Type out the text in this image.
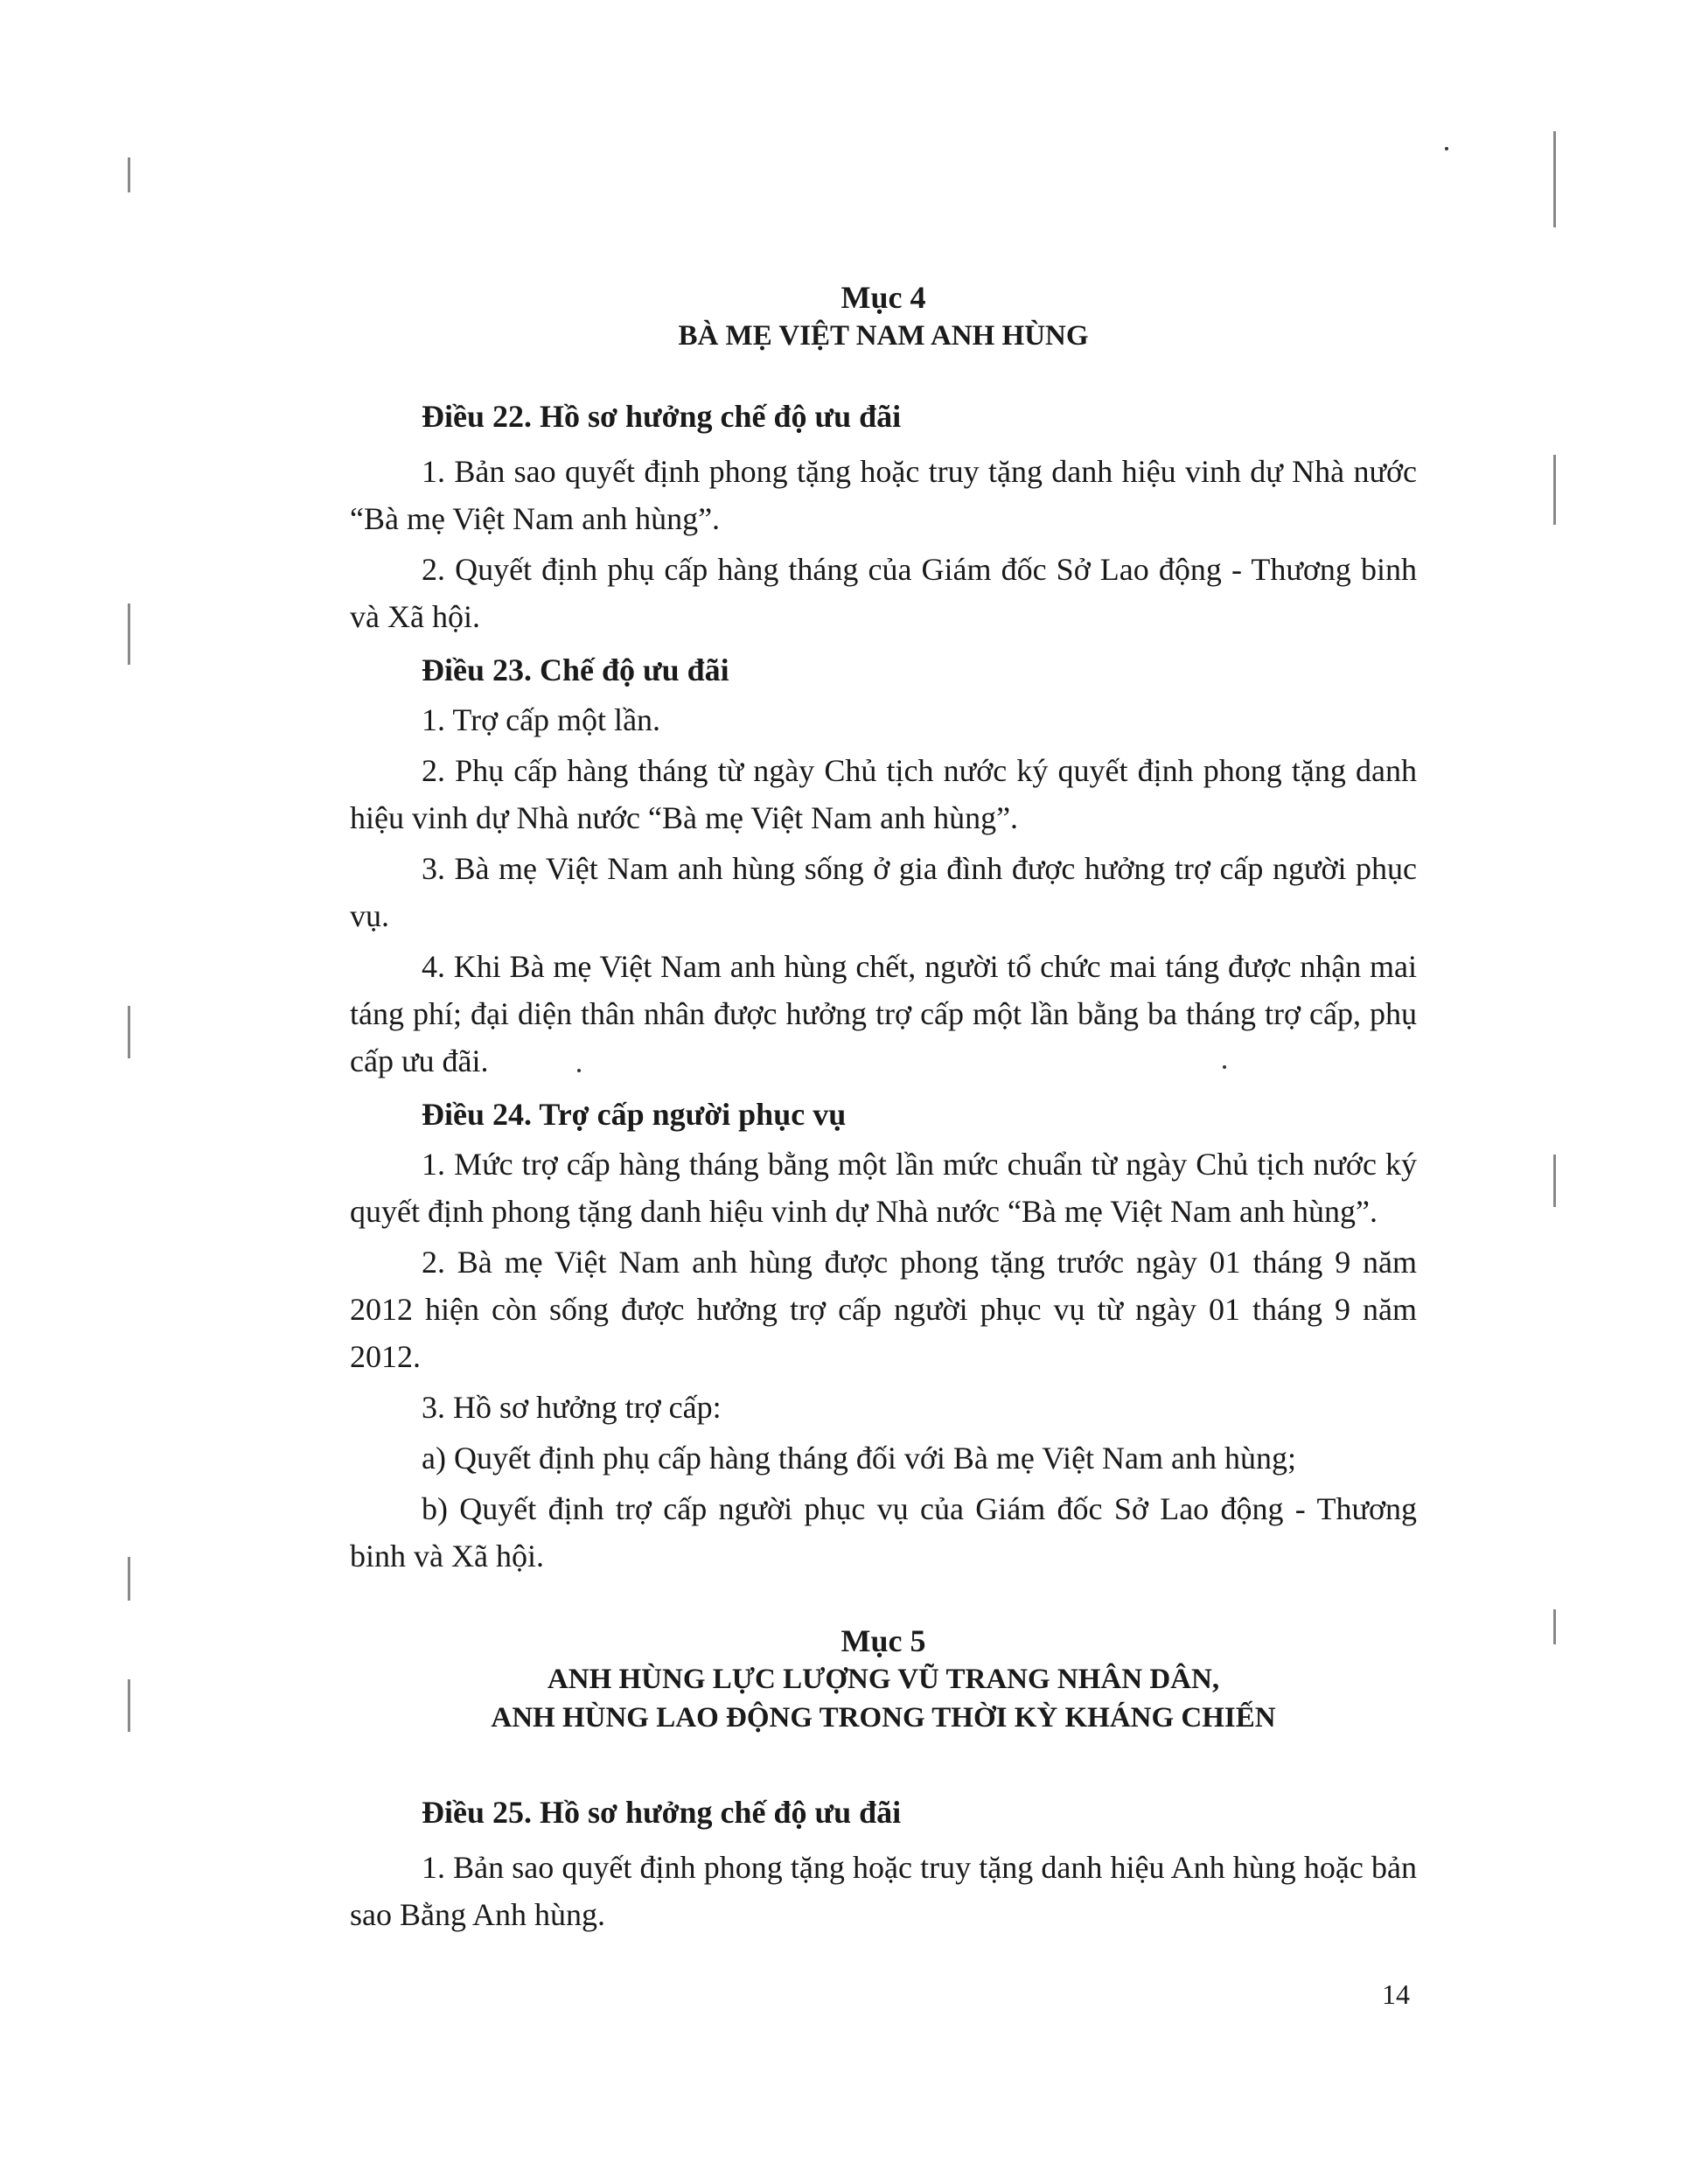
Mục 4

BÀ MẸ VIỆT NAM ANH HÙNG

Điều 22. Hồ sơ hưởng chế độ ưu đãi

1. Bản sao quyết định phong tặng hoặc truy tặng danh hiệu vinh dự Nhà nước “Bà mẹ Việt Nam anh hùng”.

2. Quyết định phụ cấp hàng tháng của Giám đốc Sở Lao động - Thương binh và Xã hội.

Điều 23. Chế độ ưu đãi

1. Trợ cấp một lần.

2. Phụ cấp hàng tháng từ ngày Chủ tịch nước ký quyết định phong tặng danh hiệu vinh dự Nhà nước “Bà mẹ Việt Nam anh hùng”.

3. Bà mẹ Việt Nam anh hùng sống ở gia đình được hưởng trợ cấp người phục vụ.

4. Khi Bà mẹ Việt Nam anh hùng chết, người tổ chức mai táng được nhận mai táng phí; đại diện thân nhân được hưởng trợ cấp một lần bằng ba tháng trợ cấp, phụ cấp ưu đãi.

Điều 24. Trợ cấp người phục vụ

1. Mức trợ cấp hàng tháng bằng một lần mức chuẩn từ ngày Chủ tịch nước ký quyết định phong tặng danh hiệu vinh dự Nhà nước “Bà mẹ Việt Nam anh hùng”.

2. Bà mẹ Việt Nam anh hùng được phong tặng trước ngày 01 tháng 9 năm 2012 hiện còn sống được hưởng trợ cấp người phục vụ từ ngày 01 tháng 9 năm 2012.

3. Hồ sơ hưởng trợ cấp:

a) Quyết định phụ cấp hàng tháng đối với Bà mẹ Việt Nam anh hùng;

b) Quyết định trợ cấp người phục vụ của Giám đốc Sở Lao động - Thương binh và Xã hội.

Mục 5

ANH HÙNG LỰC LƯỢNG VŨ TRANG NHÂN DÂN,

ANH HÙNG LAO ĐỘNG TRONG THỜI KỲ KHÁNG CHIẾN

Điều 25. Hồ sơ hưởng chế độ ưu đãi

1. Bản sao quyết định phong tặng hoặc truy tặng danh hiệu Anh hùng hoặc bản sao Bằng Anh hùng.

14
